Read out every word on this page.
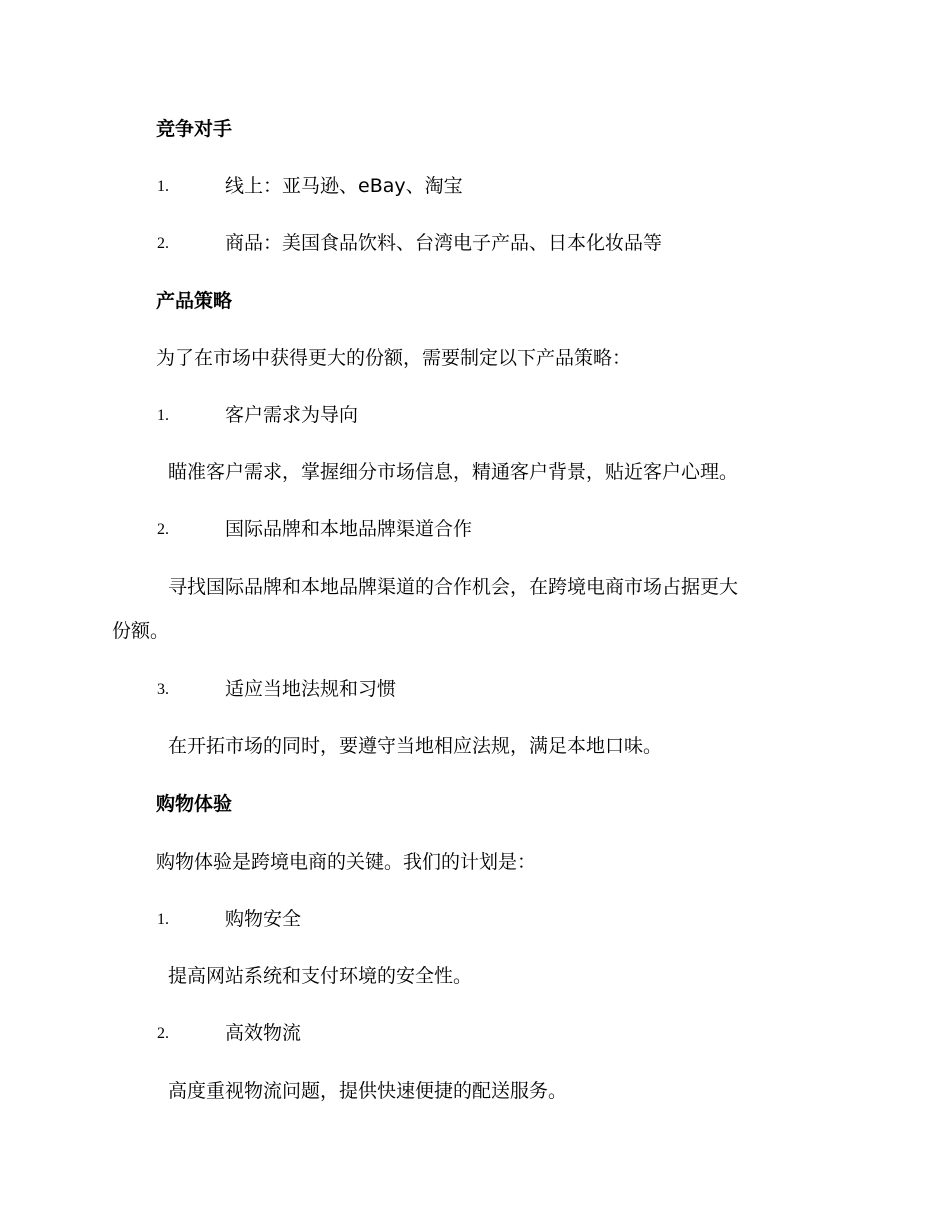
竞争对手
1.	线上：亚马逊、eBay、淘宝
2.	商品：美国食品饮料、台湾电子产品、日本化妆品等
产品策略
为了在市场中获得更大的份额，需要制定以下产品策略：
1.	客户需求为导向
瞄准客户需求，掌握细分市场信息，精通客户背景，贴近客户心理。
2.	国际品牌和本地品牌渠道合作
寻找国际品牌和本地品牌渠道的合作机会，在跨境电商市场占据更大
份额。
3.	适应当地法规和习惯
在开拓市场的同时，要遵守当地相应法规，满足本地口味。
购物体验
购物体验是跨境电商的关键。我们的计划是：
1.	购物安全
提高网站系统和支付环境的安全性。
2.	高效物流
高度重视物流问题，提供快速便捷的配送服务。
